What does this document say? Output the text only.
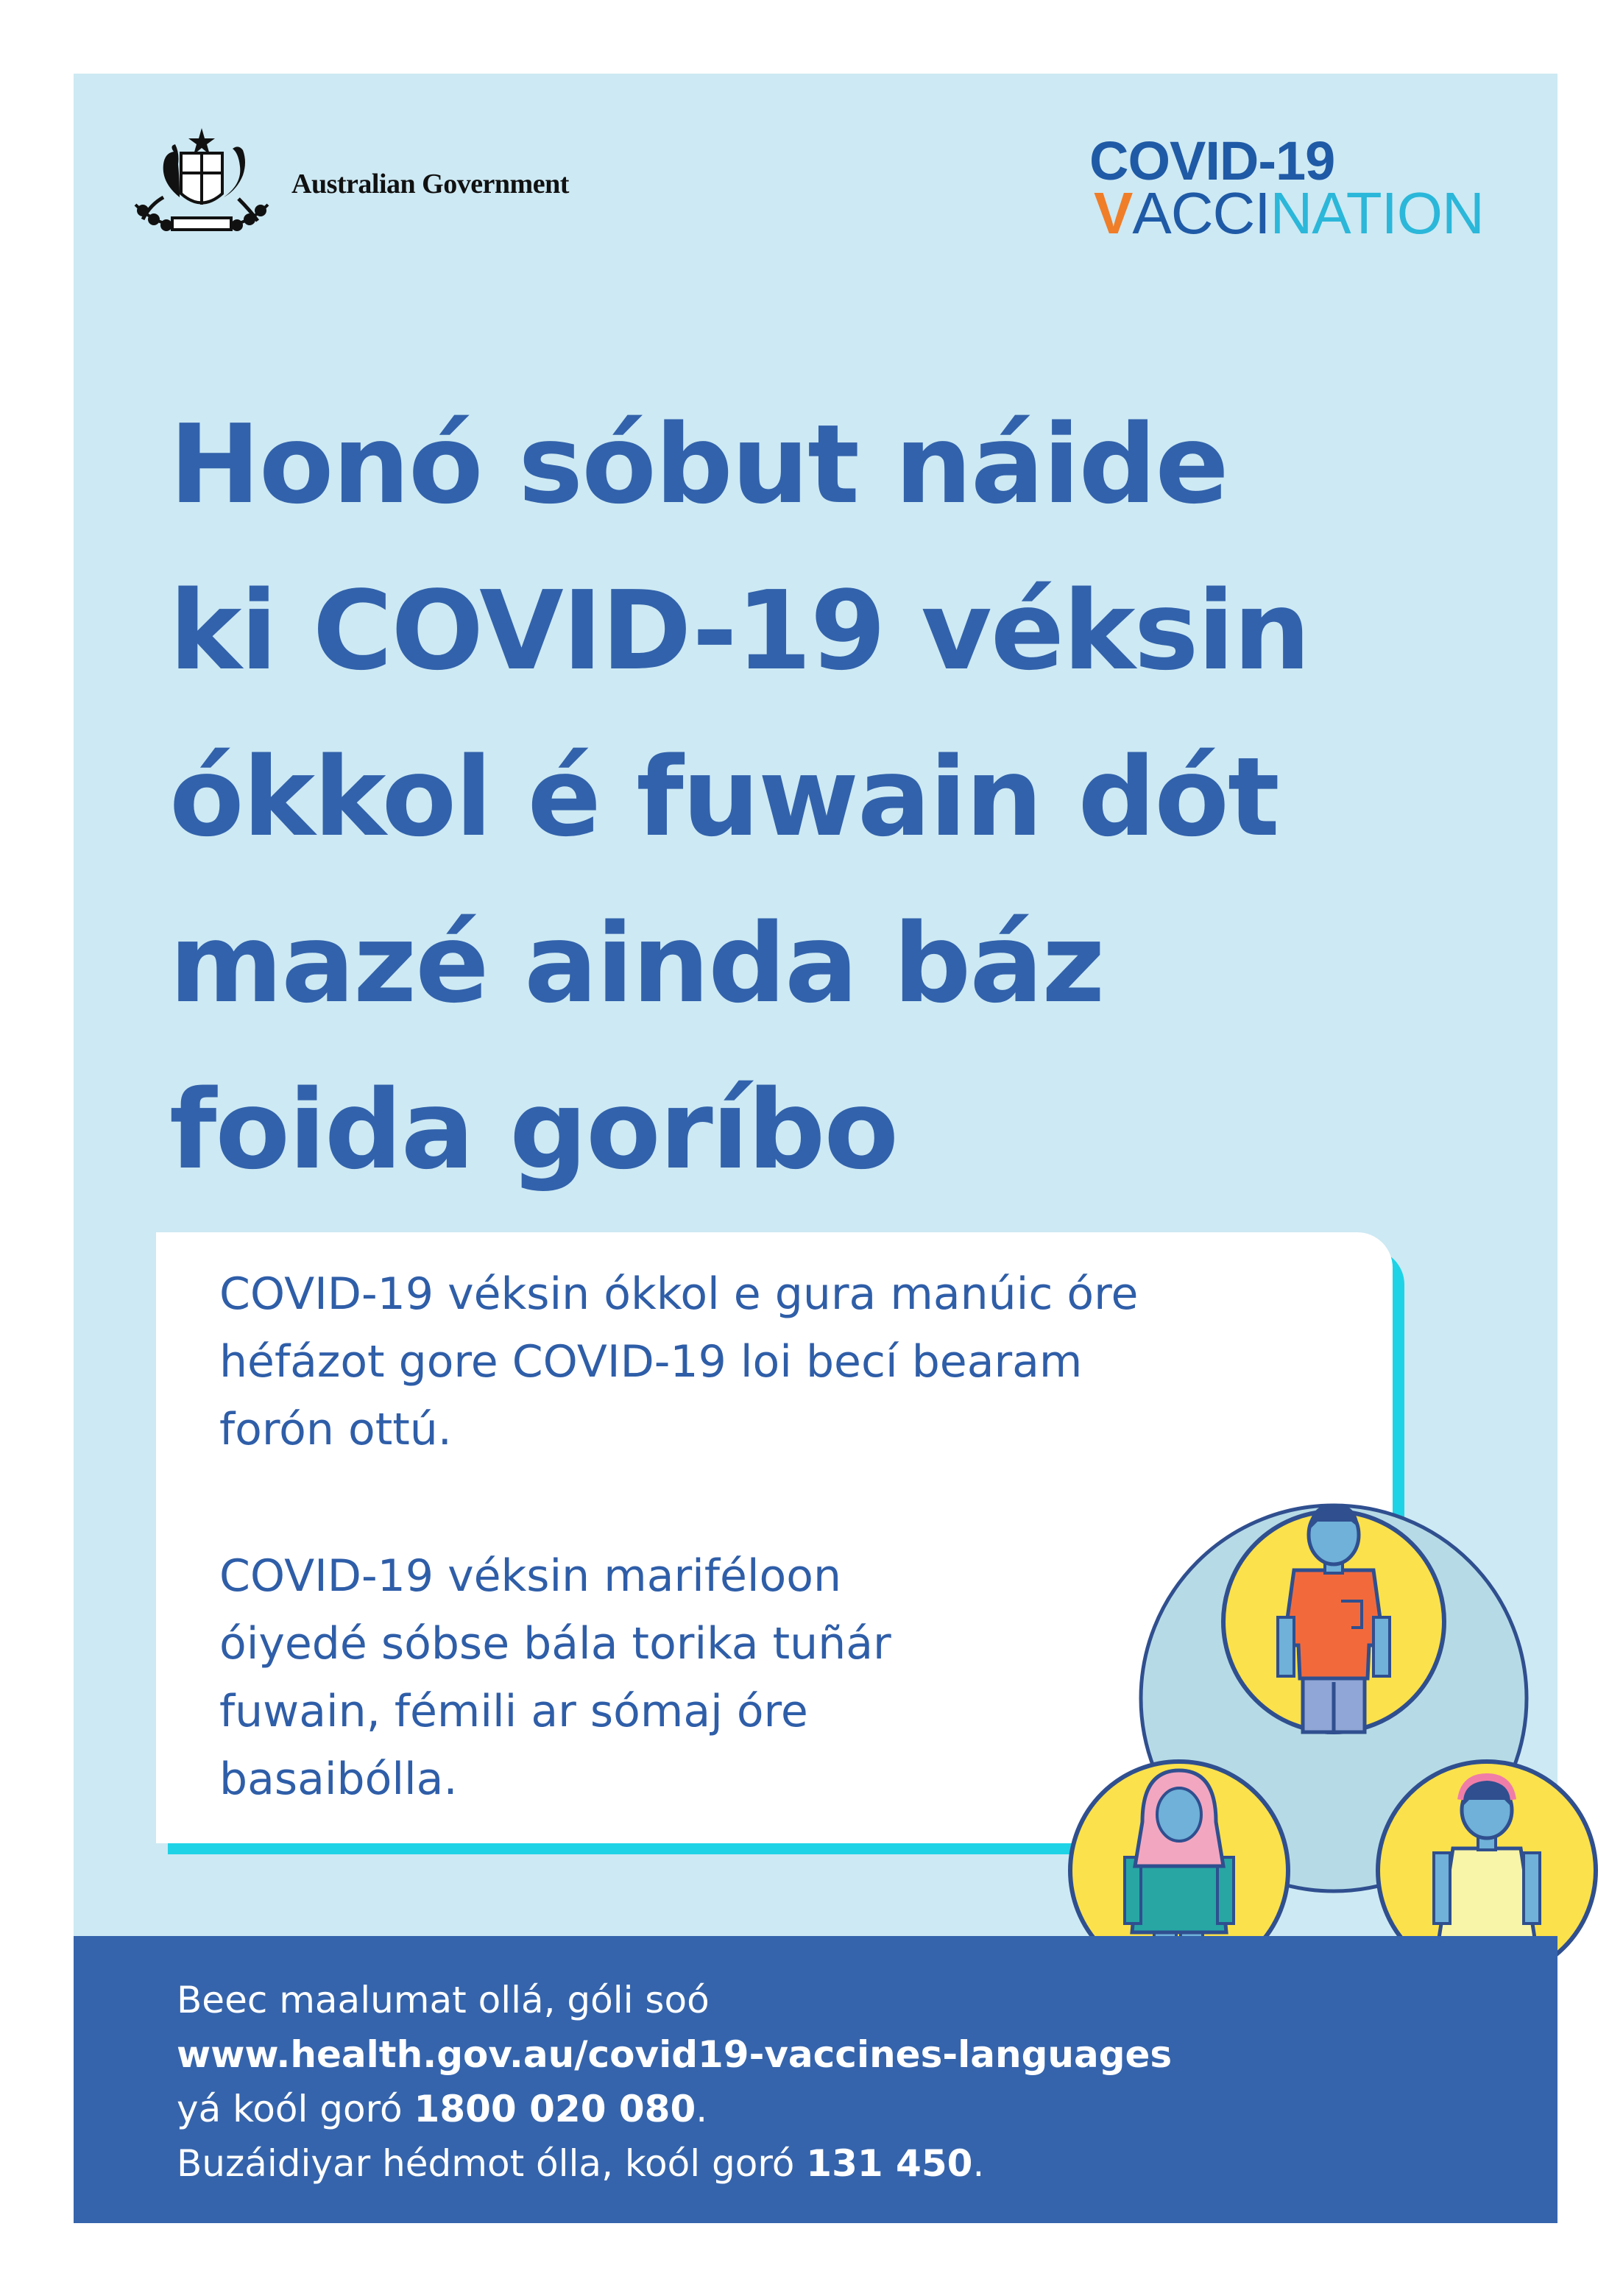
Australian Government	COVID-19
VACCINATION
Honó sóbut náide
ki COVID-19 véksin
ókkol é fuwain dót
mazé ainda báz
foida goríbo

COVID-19 véksin ókkol e gura manúic óre
héfázot gore COVID-19 loi becí bearam
forón ottú.

COVID-19 véksin mariféloon
óiyedé sóbse bála torika tuñár
fuwain, fémili ar sómaj óre
basaibólla.

Beec maalumat ollá, góli soó

www.health.gov.au/covid19-vaccines-languages

yá koól goró 1800 020 080.

Buzáidiyar hédmot ólla, koól goró 131 450.
